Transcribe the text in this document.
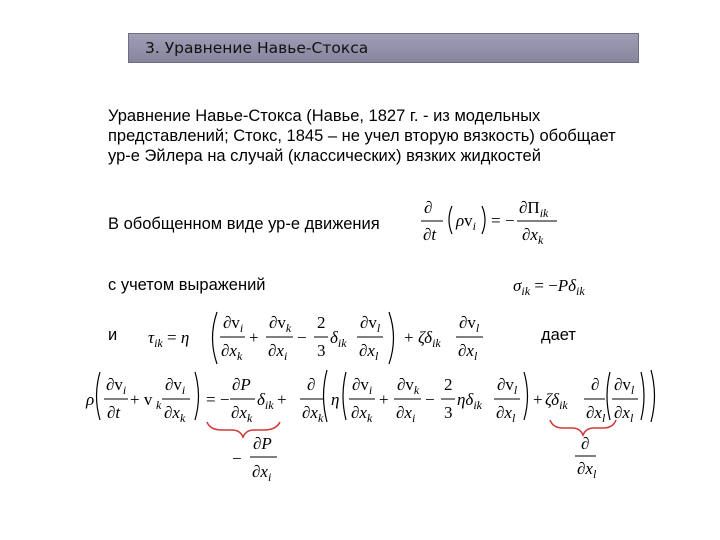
3. Уравнение Навье-Стокса

Уравнение Навье-Стокса (Навье, 1827 г. - из модельных представлений; Стокс, 1845 – не учел вторую вязкость) обобщает ур-е Эйлера на случай (классических) вязких жидкостей

В обобщенном виде ур-е движения
с учетом выражений
и	дает
∂
∂t
$\rho v_i$ = −
$\partial\Pi_{ik}$
$\partial x_k$
$\sigma_{ik} = -P\delta_{ik}$
$\tau_{ik} = \eta$
$\partial v_i$
$\partial x_k$
+
$\partial v_k$
$\partial x_i$
−
2
3
$\delta_{ik}$
$\partial v_l$
$\partial x_l$
+ $\zeta\delta_{ik}$
$\partial v_l$
$\partial x_l$
ρ
$\partial v_i$
∂t
+ v k
$\partial v_i$
$\partial x_k$
= −
∂P
$\partial x_k$
$\delta_{ik}$ +
∂
$\partial x_k$
η
$\partial v_i$
$\partial x_k$
+
$\partial v_k$
$\partial x_i$
−
2
3
$\eta\delta_{ik}$
$\partial v_l$
$\partial x_l$
+ $\zeta\delta_{ik}$
∂
$\partial x_l$
$\partial v_l$
$\partial x_l$
−
∂P
$\partial x_i$
∂
$\partial x_l$
